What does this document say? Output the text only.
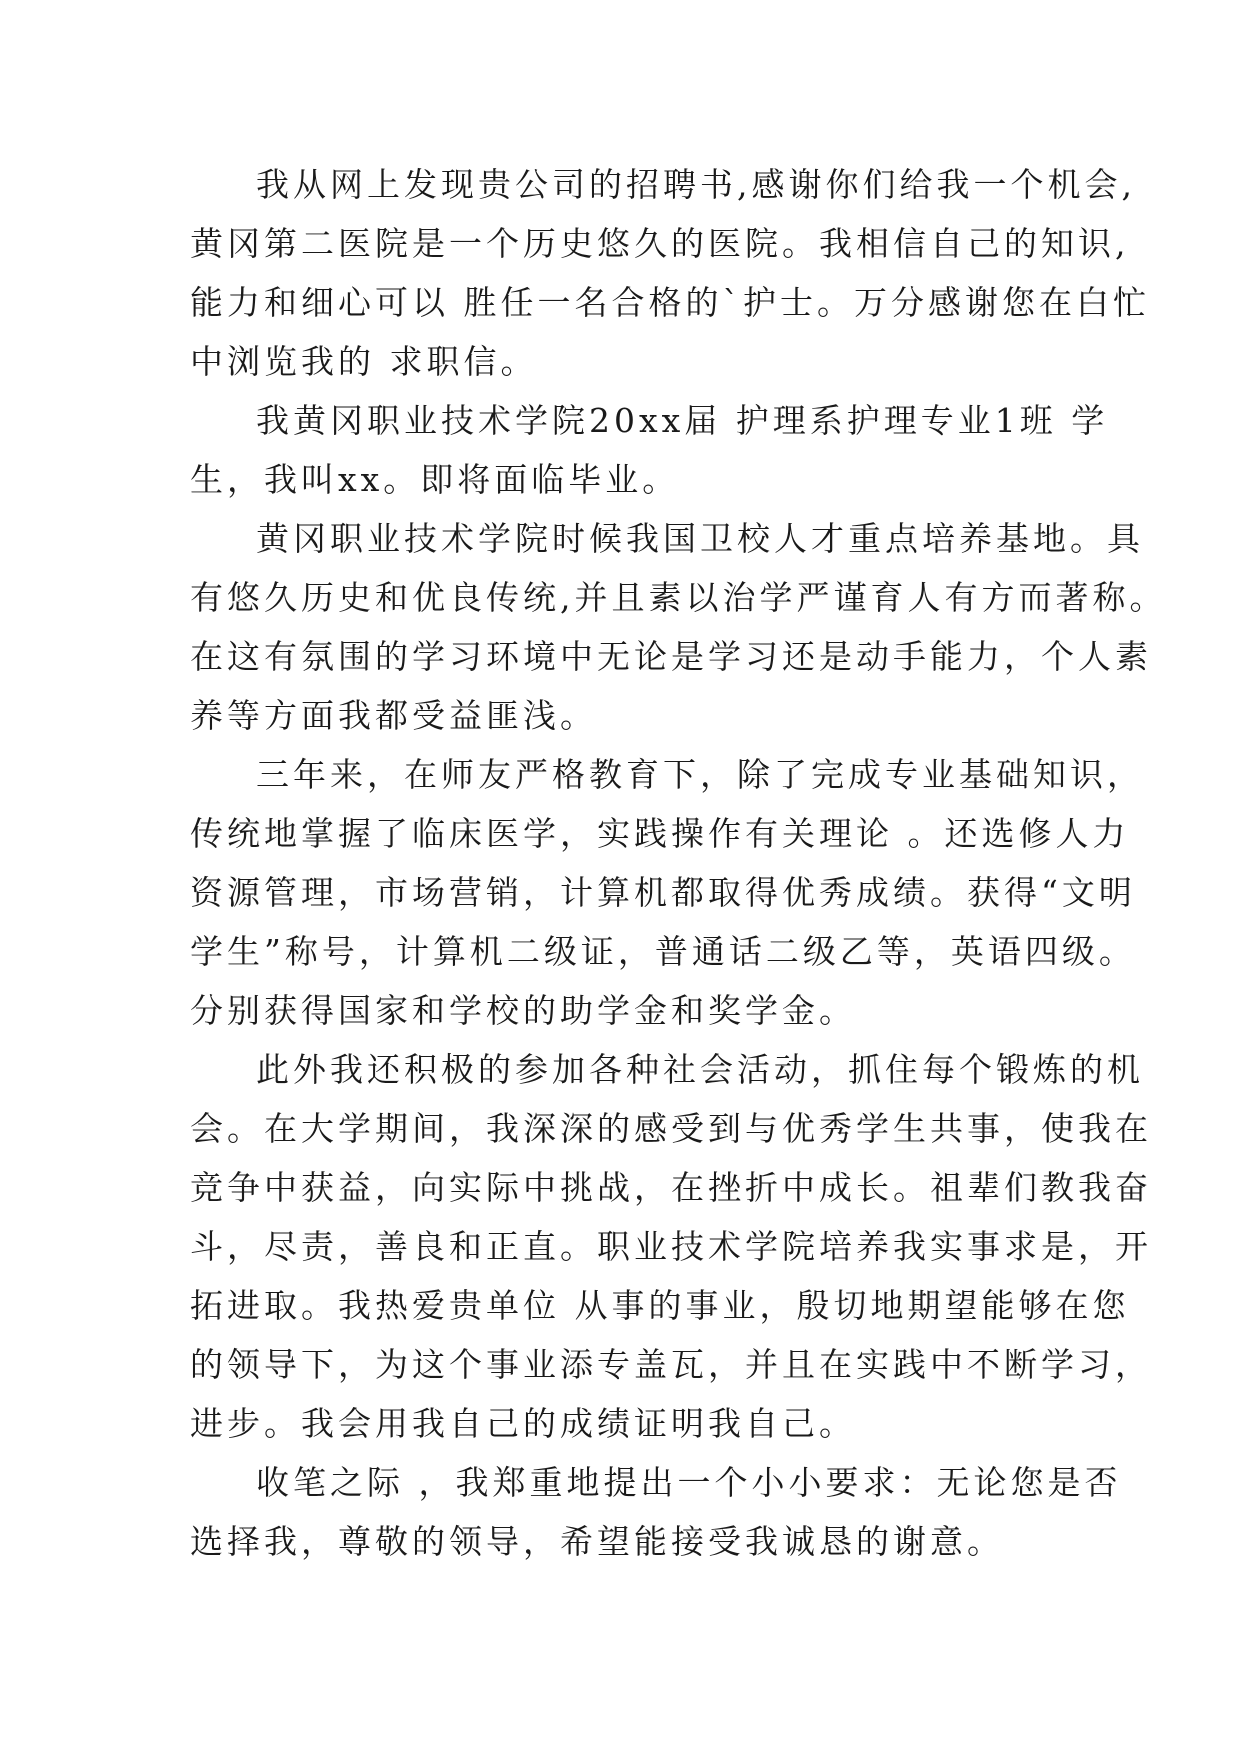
我从网上发现贵公司的招聘书,感谢你们给我一个机会,
黄冈第二医院是一个历史悠久的医院。我相信自己的知识,
能力和细心可以 胜任一名合格的`护士。万分感谢您在白忙
中浏览我的 求职信。
我黄冈职业技术学院20xx届 护理系护理专业1班 学
生，我叫xx。即将面临毕业。
黄冈职业技术学院时候我国卫校人才重点培养基地。具
有悠久历史和优良传统,并且素以治学严谨育人有方而著称。
在这有氛围的学习环境中无论是学习还是动手能力，个人素
养等方面我都受益匪浅。
三年来，在师友严格教育下，除了完成专业基础知识，
传统地掌握了临床医学，实践操作有关理论 。还选修人力
资源管理，市场营销，计算机都取得优秀成绩。获得“文明
学生”称号，计算机二级证，普通话二级乙等，英语四级。
分别获得国家和学校的助学金和奖学金。
此外我还积极的参加各种社会活动，抓住每个锻炼的机
会。在大学期间，我深深的感受到与优秀学生共事，使我在
竞争中获益，向实际中挑战，在挫折中成长。祖辈们教我奋
斗，尽责，善良和正直。职业技术学院培养我实事求是，开
拓进取。我热爱贵单位 从事的事业，殷切地期望能够在您
的领导下，为这个事业添专盖瓦，并且在实践中不断学习，
进步。我会用我自己的成绩证明我自己。
收笔之际 ，我郑重地提出一个小小要求：无论您是否
选择我，尊敬的领导，希望能接受我诚恳的谢意。
